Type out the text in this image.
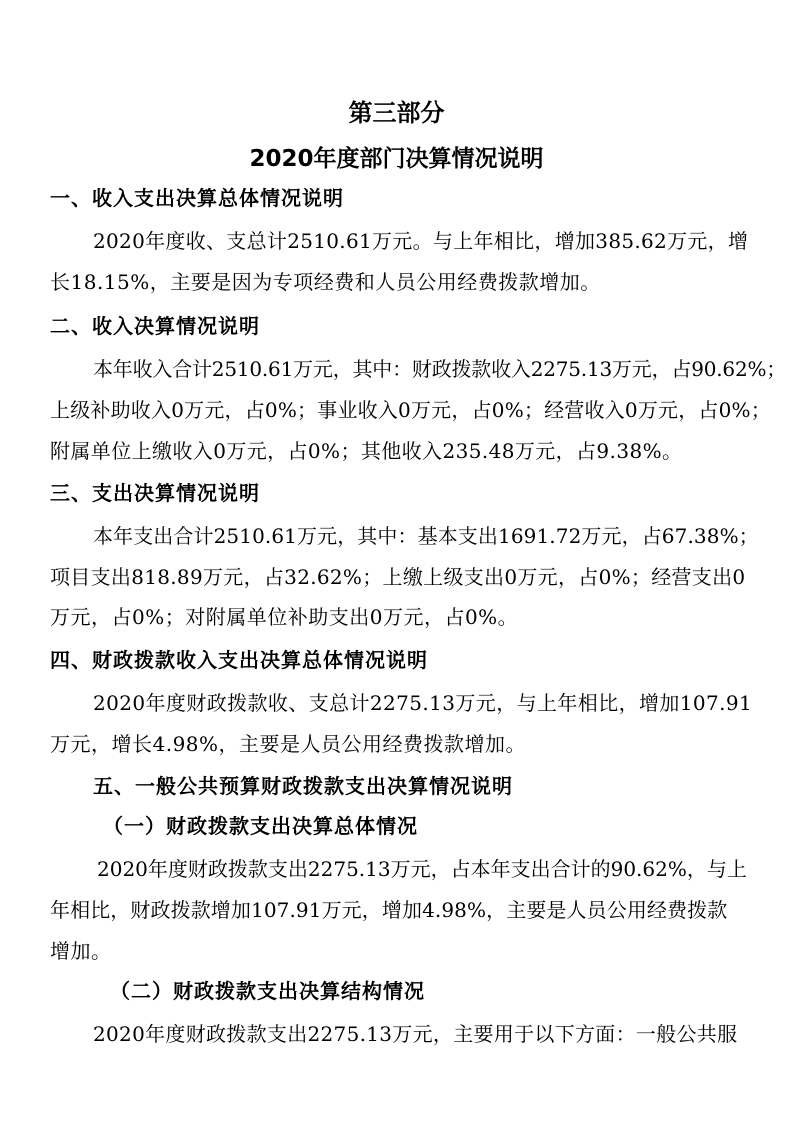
第三部分
2020年度部门决算情况说明
一、收入支出决算总体情况说明
2020年度收、支总计2510.61万元。与上年相比，增加385.62万元，增
长18.15%，主要是因为专项经费和人员公用经费拨款增加。
二、收入决算情况说明
本年收入合计2510.61万元，其中：财政拨款收入2275.13万元，占90.62%；
上级补助收入0万元，占0%；事业收入0万元，占0%；经营收入0万元，占0%；
附属单位上缴收入0万元，占0%；其他收入235.48万元，占9.38%。
三、支出决算情况说明
本年支出合计2510.61万元，其中：基本支出1691.72万元，占67.38%；
项目支出818.89万元，占32.62%；上缴上级支出0万元，占0%；经营支出0
万元，占0%；对附属单位补助支出0万元，占0%。
四、财政拨款收入支出决算总体情况说明
2020年度财政拨款收、支总计2275.13万元，与上年相比，增加107.91
万元，增长4.98%，主要是人员公用经费拨款增加。
五、一般公共预算财政拨款支出决算情况说明
（一）财政拨款支出决算总体情况
2020年度财政拨款支出2275.13万元，占本年支出合计的90.62%，与上
年相比，财政拨款增加107.91万元，增加4.98%，主要是人员公用经费拨款
增加。
（二）财政拨款支出决算结构情况
2020年度财政拨款支出2275.13万元，主要用于以下方面：一般公共服
